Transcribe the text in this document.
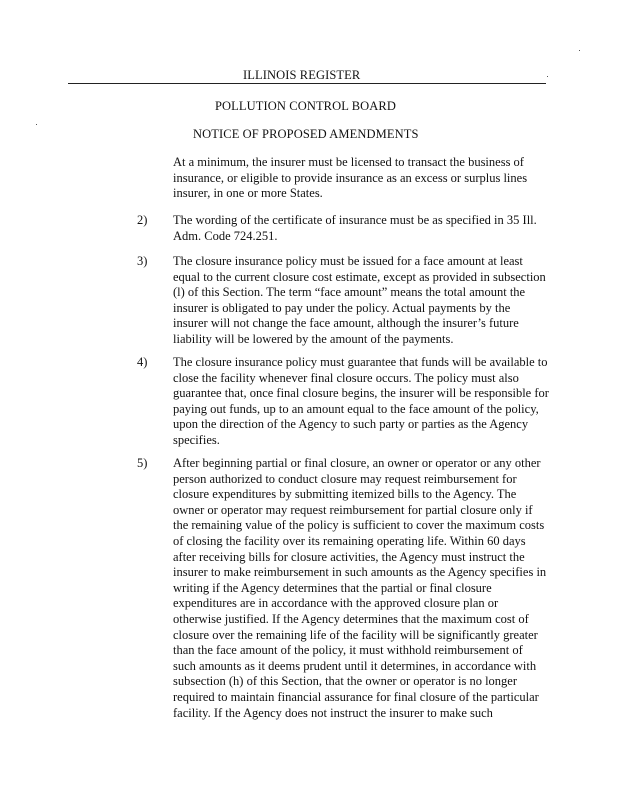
ILLINOIS REGISTER
POLLUTION CONTROL BOARD
NOTICE OF PROPOSED AMENDMENTS
At a minimum, the insurer must be licensed to transact the business of
insurance, or eligible to provide insurance as an excess or surplus lines
insurer, in one or more States.
2) The wording of the certificate of insurance must be as specified in 35 Ill.
Adm. Code 724.251.
3) The closure insurance policy must be issued for a face amount at least
equal to the current closure cost estimate, except as provided in subsection
(l) of this Section. The term “face amount” means the total amount the
insurer is obligated to pay under the policy. Actual payments by the
insurer will not change the face amount, although the insurer’s future
liability will be lowered by the amount of the payments.
4) The closure insurance policy must guarantee that funds will be available to
close the facility whenever final closure occurs. The policy must also
guarantee that, once final closure begins, the insurer will be responsible for
paying out funds, up to an amount equal to the face amount of the policy,
upon the direction of the Agency to such party or parties as the Agency
specifies.
5) After beginning partial or final closure, an owner or operator or any other
person authorized to conduct closure may request reimbursement for
closure expenditures by submitting itemized bills to the Agency. The
owner or operator may request reimbursement for partial closure only if
the remaining value of the policy is sufficient to cover the maximum costs
of closing the facility over its remaining operating life. Within 60 days
after receiving bills for closure activities, the Agency must instruct the
insurer to make reimbursement in such amounts as the Agency specifies in
writing if the Agency determines that the partial or final closure
expenditures are in accordance with the approved closure plan or
otherwise justified. If the Agency determines that the maximum cost of
closure over the remaining life of the facility will be significantly greater
than the face amount of the policy, it must withhold reimbursement of
such amounts as it deems prudent until it determines, in accordance with
subsection (h) of this Section, that the owner or operator is no longer
required to maintain financial assurance for final closure of the particular
facility. If the Agency does not instruct the insurer to make such
